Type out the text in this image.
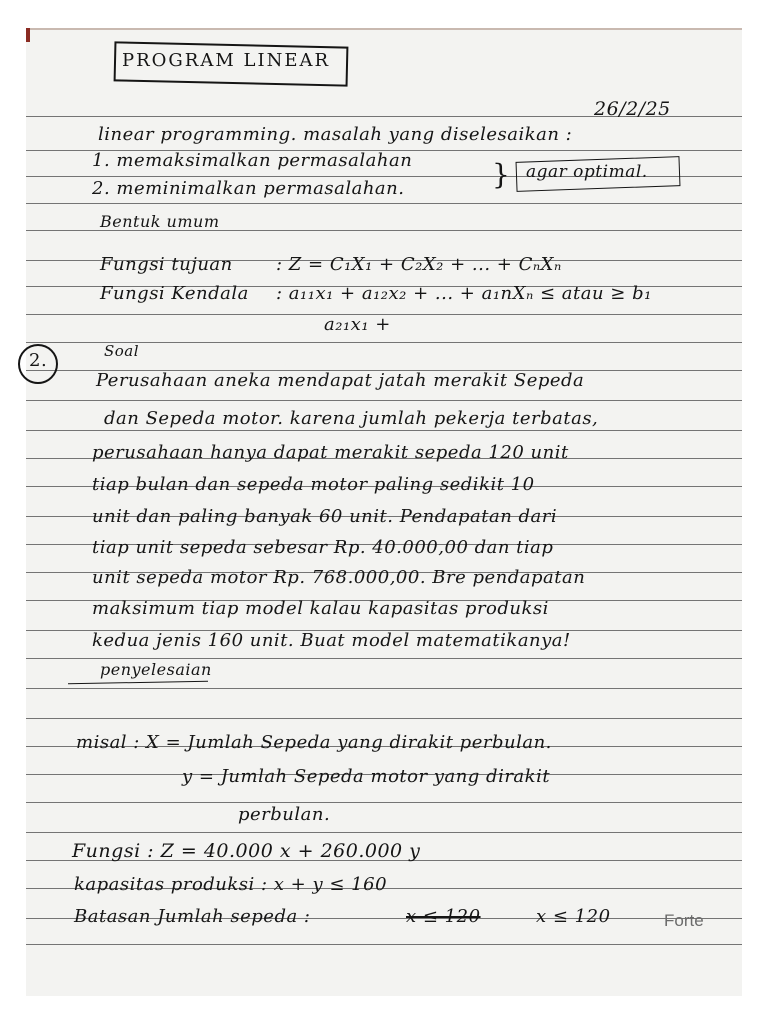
PROGRAM LINEAR
26/2/25
linear programming. masalah yang diselesaikan :
1. memaksimalkan permasalahan
2. meminimalkan permasalahan.	} agar optimal.
Bentuk umum
Fungsi tujuan : Z = C₁X₁ + C₂X₂ + ... + CₙXₙ
Fungsi Kendala : a₁₁x₁ + a₁₂x₂ + ... + a₁nXₙ ≤ atau ≥ b₁
a₂₁x₁ +
Soal
2.
Perusahaan aneka mendapat jatah merakit Sepeda
dan Sepeda motor. karena jumlah pekerja terbatas,
perusahaan hanya dapat merakit sepeda 120 unit
tiap bulan dan sepeda motor paling sedikit 10
unit dan paling banyak 60 unit. Pendapatan dari
tiap unit sepeda sebesar Rp. 40.000,00 dan tiap
unit sepeda motor Rp. 768.000,00. Bre pendapatan
maksimum tiap model kalau kapasitas produksi
kedua jenis 160 unit. Buat model matematikanya!
penyelesaian
misal : X = Jumlah Sepeda yang dirakit perbulan.
y = Jumlah Sepeda motor yang dirakit
perbulan.
Fungsi : Z = 40.000 x + 260.000 y
kapasitas produksi : x + y ≤ 160
Batasan Jumlah sepeda :	x ≤ 120	x ≤ 120	Forte
